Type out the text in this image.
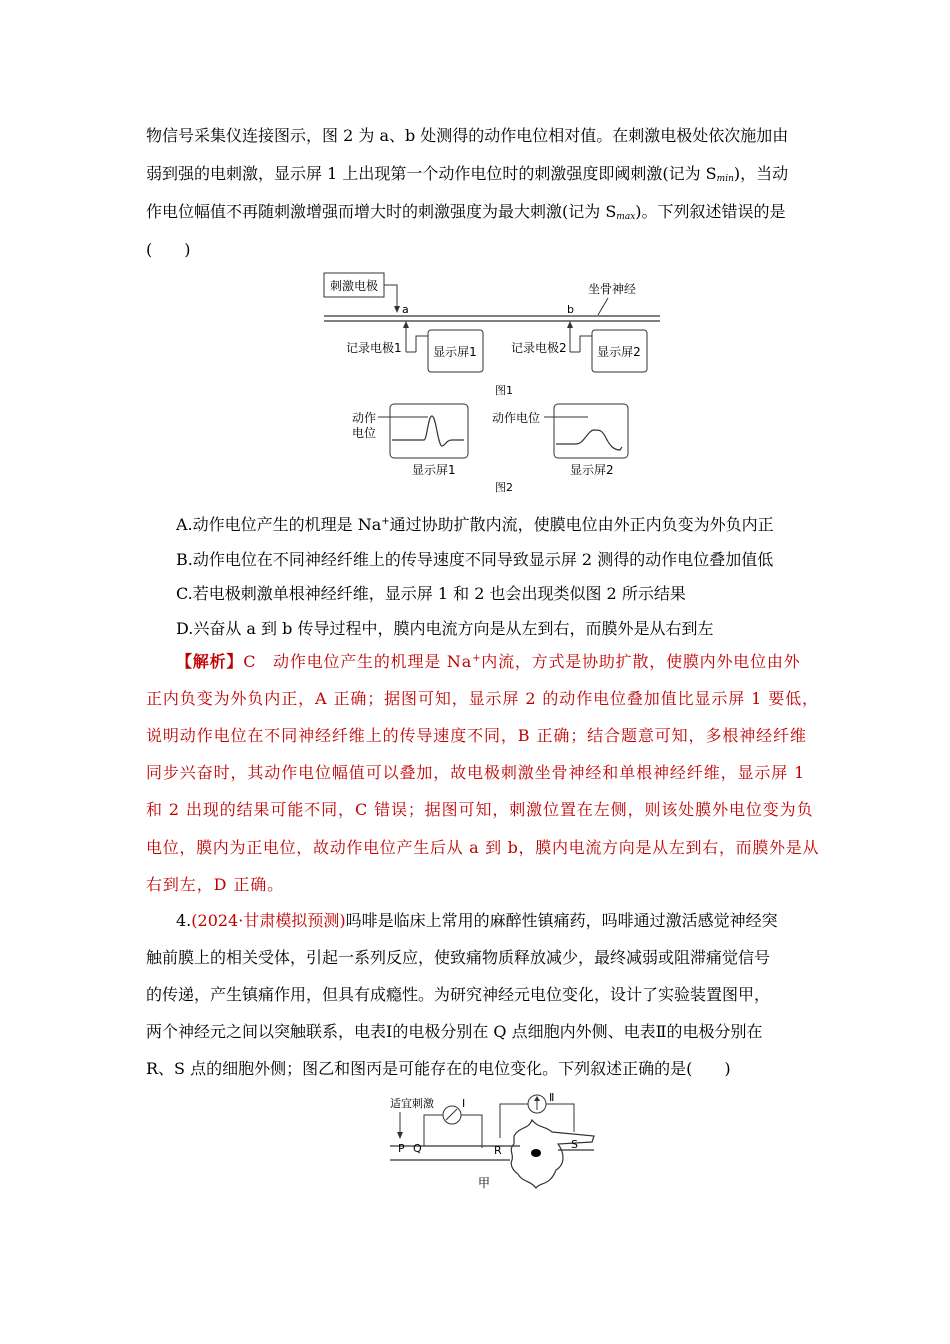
物信号采集仪连接图示，图 2 为 a、b 处测得的动作电位相对值。在刺激电极处依次施加由
弱到强的电刺激，显示屏 1 上出现第一个动作电位时的刺激强度即阈刺激(记为 $S_{min}$)，当动
作电位幅值不再随刺激增强而增大时的刺激强度为最大刺激(记为 $S_{max}$)。下列叙述错误的是
(　　)
刺激电极
a	b
坐骨神经
记录电极1	显示屏1	记录电极2	显示屏2
图1
动作
电位
显示屏1
动作电位
显示屏2
图2
A.动作电位产生的机理是 Na+通过协助扩散内流，使膜电位由外正内负变为外负内正
B.动作电位在不同神经纤维上的传导速度不同导致显示屏 2 测得的动作电位叠加值低
C.若电极刺激单根神经纤维，显示屏 1 和 2 也会出现类似图 2 所示结果
D.兴奋从 a 到 b 传导过程中，膜内电流方向是从左到右，而膜外是从右到左
【解析】C　动作电位产生的机理是 Na+内流，方式是协助扩散，使膜内外电位由外
正内负变为外负内正，A 正确；据图可知，显示屏 2 的动作电位叠加值比显示屏 1 要低，
说明动作电位在不同神经纤维上的传导速度不同，B 正确；结合题意可知，多根神经纤维
同步兴奋时，其动作电位幅值可以叠加，故电极刺激坐骨神经和单根神经纤维，显示屏 1
和 2 出现的结果可能不同，C 错误；据图可知，刺激位置在左侧，则该处膜外电位变为负
电位，膜内为正电位，故动作电位产生后从 a 到 b，膜内电流方向是从左到右，而膜外是从
右到左，D 正确。
4.(2024·甘肃模拟预测)吗啡是临床上常用的麻醉性镇痛药，吗啡通过激活感觉神经突
触前膜上的相关受体，引起一系列反应，使致痛物质释放减少，最终减弱或阻滞痛觉信号
的传递，产生镇痛作用，但具有成瘾性。为研究神经元电位变化，设计了实验装置图甲，
两个神经元之间以突触联系，电表Ⅰ的电极分别在 Q 点细胞内外侧、电表Ⅱ的电极分别在
R、S 点的细胞外侧；图乙和图丙是可能存在的电位变化。下列叙述正确的是(　　)
适宜刺激	Ⅰ	Ⅱ
P Q	R	S
甲
